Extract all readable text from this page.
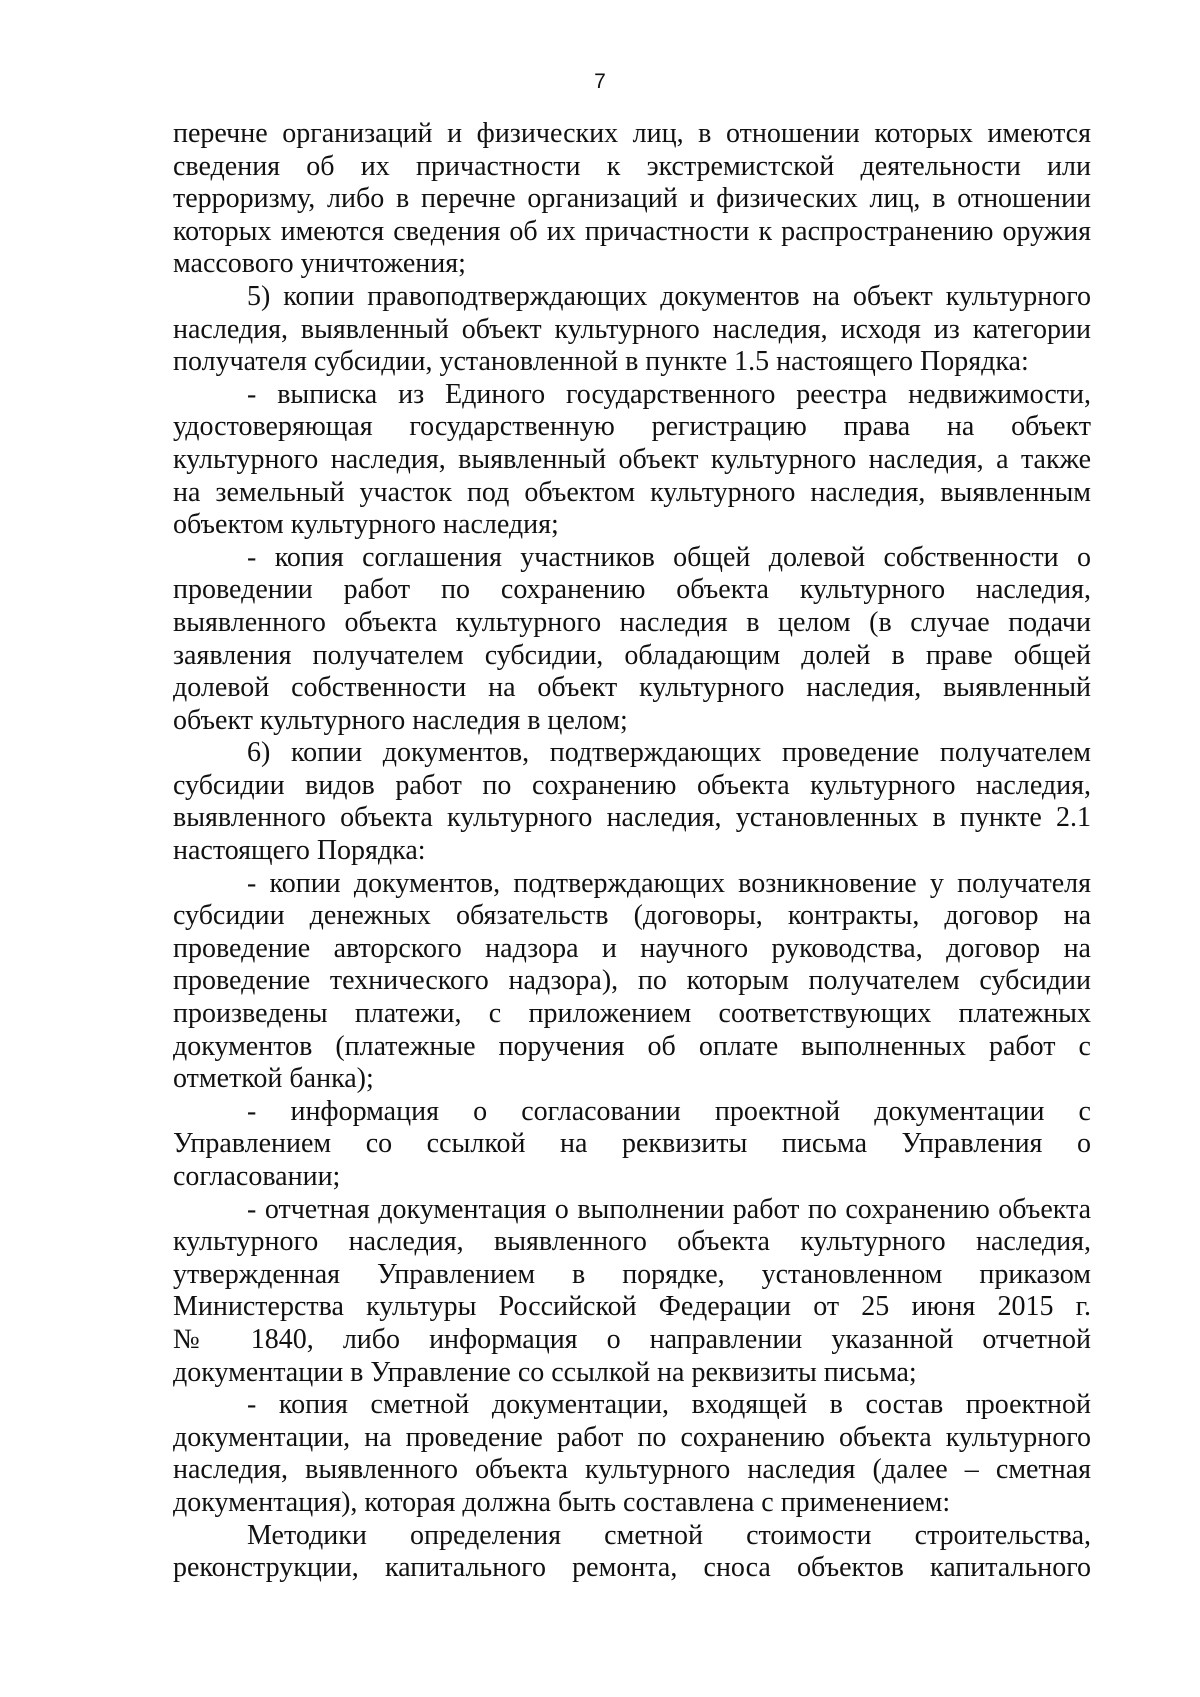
7
перечне организаций и физических лиц, в отношении которых имеются
сведения об их причастности к экстремистской деятельности или
терроризму, либо в перечне организаций и физических лиц, в отношении
которых имеются сведения об их причастности к распространению оружия
массового уничтожения;
5) копии правоподтверждающих документов на объект культурного
наследия, выявленный объект культурного наследия, исходя из категории
получателя субсидии, установленной в пункте 1.5 настоящего Порядка:
- выписка из Единого государственного реестра недвижимости,
удостоверяющая государственную регистрацию права на объект
культурного наследия, выявленный объект культурного наследия, а также
на земельный участок под объектом культурного наследия, выявленным
объектом культурного наследия;
- копия соглашения участников общей долевой собственности о
проведении работ по сохранению объекта культурного наследия,
выявленного объекта культурного наследия в целом (в случае подачи
заявления получателем субсидии, обладающим долей в праве общей
долевой собственности на объект культурного наследия, выявленный
объект культурного наследия в целом;
6) копии документов, подтверждающих проведение получателем
субсидии видов работ по сохранению объекта культурного наследия,
выявленного объекта культурного наследия, установленных в пункте 2.1
настоящего Порядка:
- копии документов, подтверждающих возникновение у получателя
субсидии денежных обязательств (договоры, контракты, договор на
проведение авторского надзора и научного руководства, договор на
проведение технического надзора), по которым получателем субсидии
произведены платежи, с приложением соответствующих платежных
документов (платежные поручения об оплате выполненных работ с
отметкой банка);
- информация о согласовании проектной документации с
Управлением со ссылкой на реквизиты письма Управления о
согласовании;
- отчетная документация о выполнении работ по сохранению объекта
культурного наследия, выявленного объекта культурного наследия,
утвержденная Управлением в порядке, установленном приказом
Министерства культуры Российской Федерации от 25 июня 2015 г.
№ 1840, либо информация о направлении указанной отчетной
документации в Управление со ссылкой на реквизиты письма;
- копия сметной документации, входящей в состав проектной
документации, на проведение работ по сохранению объекта культурного
наследия, выявленного объекта культурного наследия (далее – сметная
документация), которая должна быть составлена с применением:
Методики определения сметной стоимости строительства,
реконструкции, капитального ремонта, сноса объектов капитального
